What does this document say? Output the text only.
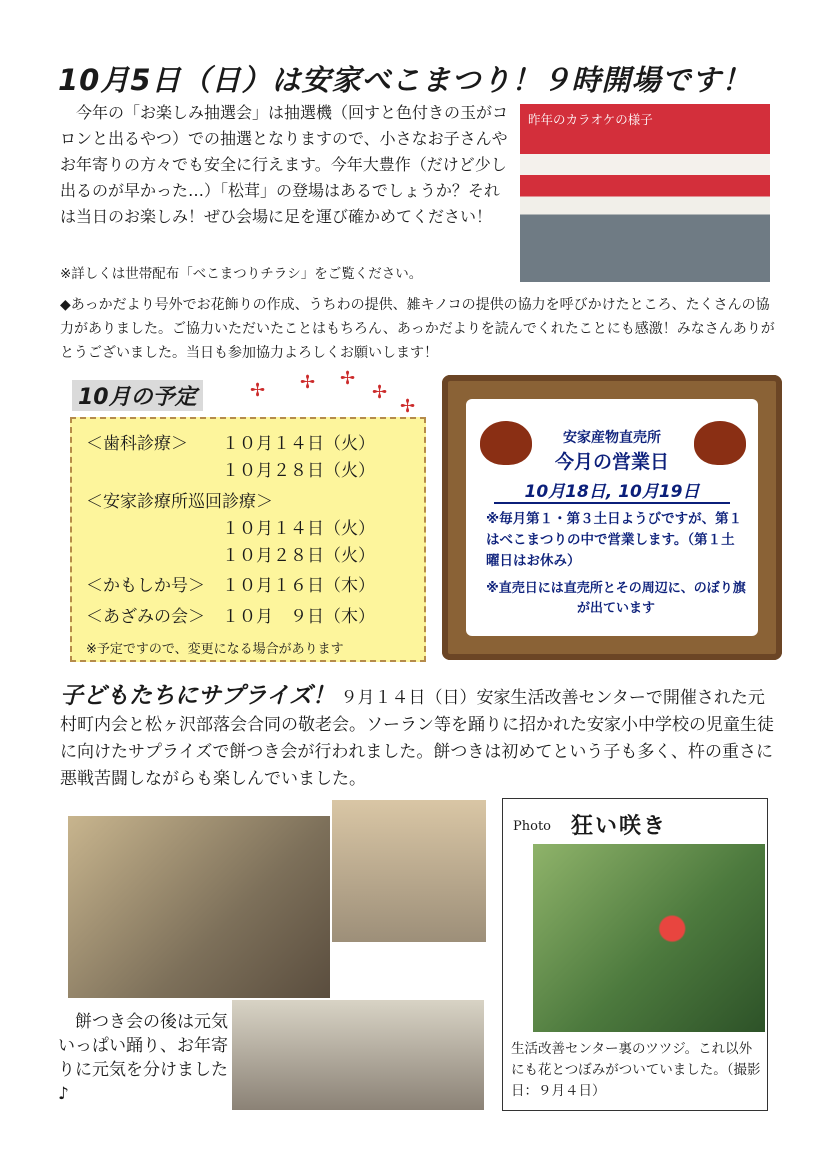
10月5日（日）は安家べこまつり！９時開場です！
　今年の「お楽しみ抽選会」は抽選機（回すと色付きの玉がコロンと出るやつ）での抽選となりますので、小さなお子さんやお年寄りの方々でも安全に行えます。今年大豊作（だけど少し出るのが早かった…）「松茸」の登場はあるでしょうか？それは当日のお楽しみ！ぜひ会場に足を運び確かめてください！
※詳しくは世帯配布「べこまつりチラシ」をご覧ください。
昨年のカラオケの様子
◆あっかだより号外でお花飾りの作成、うちわの提供、雑キノコの提供の協力を呼びかけたところ、たくさんの協力がありました。ご協力いただいたことはもちろん、あっかだよりを読んでくれたことにも感激！みなさんありがとうございました。当日も参加協力よろしくお願いします！
10月の予定	✢ ✢ ✢
✢
✢
＜歯科診療＞ １０月１４日（火）
１０月２８日（火）
＜安家診療所巡回診療＞
１０月１４日（火）
１０月２８日（火）
＜かもしか号＞ １０月１６日（木）
＜あざみの会＞ １０月　９日（木）
※予定ですので、変更になる場合があります
安家産物直売所
今月の営業日
10月18日, 10月19日
※毎月第１・第３土日ようびですが、第１はべこまつりの中で営業します。（第１土曜日はお休み）
※直売日には直売所とその周辺に、のぼり旗が出ています
子どもたちにサプライズ！ ９月１４日（日）安家生活改善センターで開催された元村町内会と松ヶ沢部落会合同の敬老会。ソーラン等を踊りに招かれた安家小中学校の児童生徒に向けたサプライズで餅つき会が行われました。餅つきは初めてという子も多く、杵の重さに悪戦苦闘しながらも楽しんでいました。
　餅つき会の後は元気いっぱい踊り、お年寄りに元気を分けました♪
Photo 狂い咲き
生活改善センター裏のツツジ。これ以外にも花とつぼみがついていました。（撮影日：９月４日）
